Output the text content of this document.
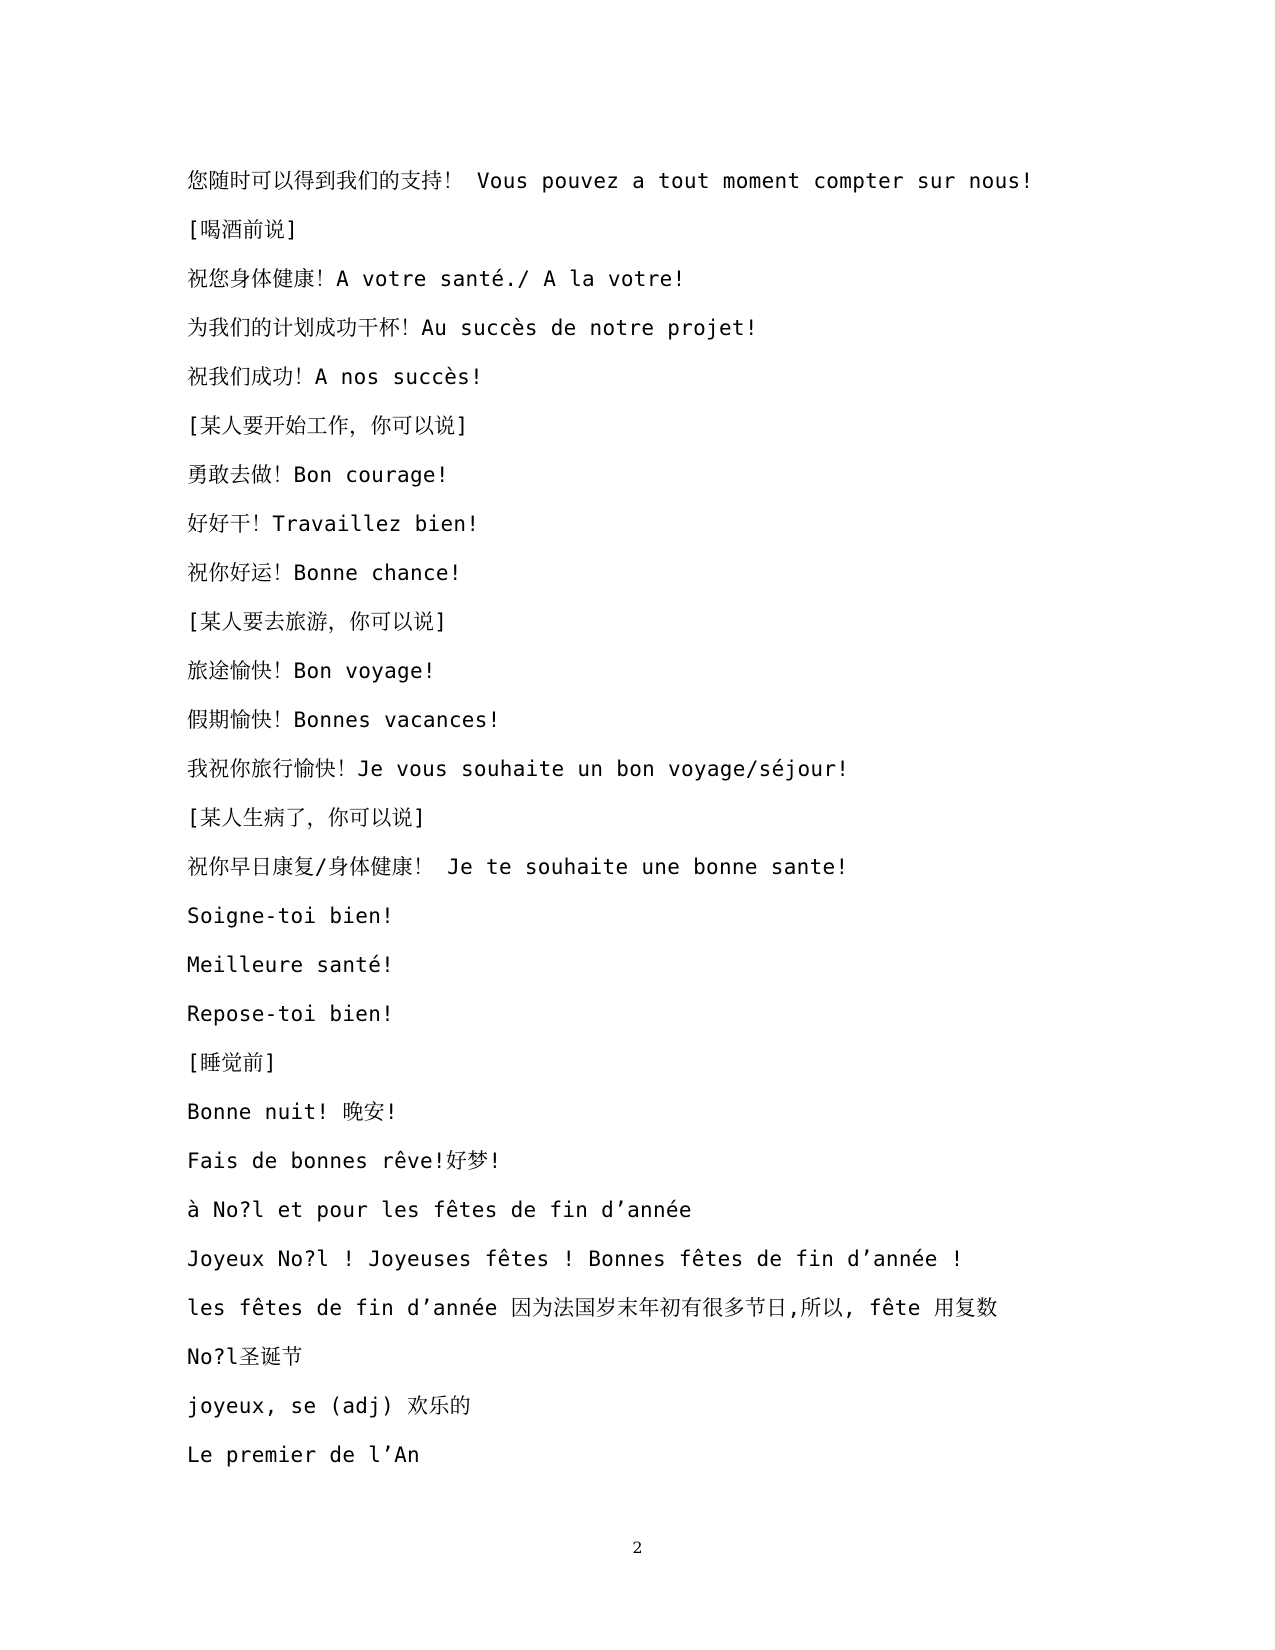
您随时可以得到我们的支持！ Vous pouvez a tout moment compter sur nous!
[喝酒前说]
祝您身体健康！A votre santé./ A la votre!
为我们的计划成功干杯！Au succès de notre projet!
祝我们成功！A nos succès!
[某人要开始工作，你可以说]
勇敢去做！Bon courage!
好好干！Travaillez bien!
祝你好运！Bonne chance!
[某人要去旅游，你可以说]
旅途愉快！Bon voyage!
假期愉快！Bonnes vacances!
我祝你旅行愉快！Je vous souhaite un bon voyage/séjour!
[某人生病了，你可以说]
祝你早日康复/身体健康！ Je te souhaite une bonne sante!
Soigne-toi bien!
Meilleure santé!
Repose-toi bien!
[睡觉前]
Bonne nuit! 晚安!
Fais de bonnes rêve!好梦!
à No?l et pour les fêtes de fin d’année
Joyeux No?l ! Joyeuses fêtes ! Bonnes fêtes de fin d’année !
les fêtes de fin d’année 因为法国岁末年初有很多节日,所以, fête 用复数
No?l圣诞节
joyeux, se (adj) 欢乐的
Le premier de l’An
2
